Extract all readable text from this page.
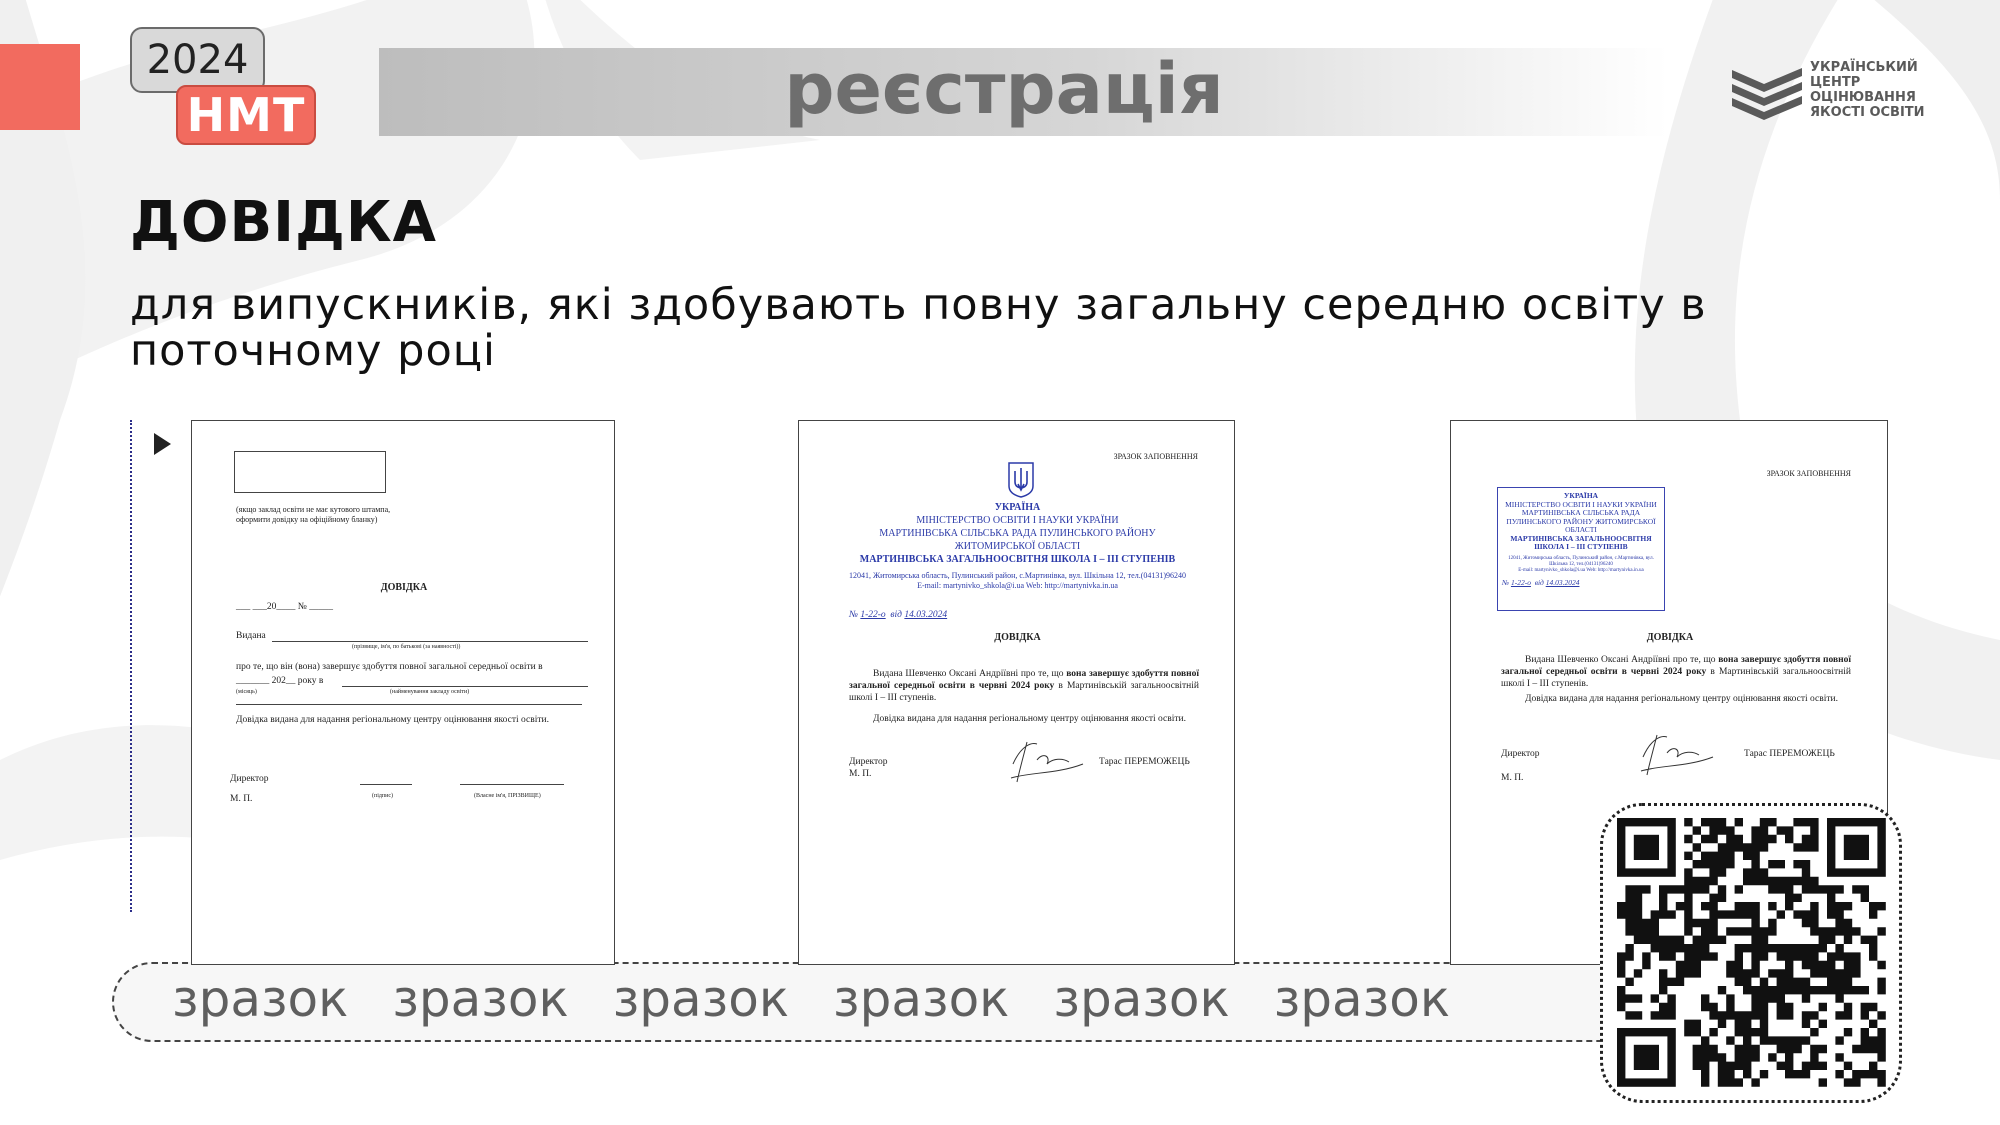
2024
НМТ	реєстрація	УКРАЇНСЬКИЙ
ЦЕНТР
ОЦІНЮВАННЯ
ЯКОСТІ ОСВІТИ
ДОВІДКА
для випускників, які здобувають повну загальну середню освіту в поточному році
(якщо заклад освіти не має кутового штампа, оформити довідку на офіційному бланку)
ДОВІДКА
___ ___20____ № _____
Видана
(прізвище, ім'я, по батькові (за наявності))
про те, що він (вона) завершує здобуття повної загальної середньої освіти в
_______ 202__ року в
(місяць)	(найменування закладу освіти)
Довідка видана для надання регіональному центру оцінювання якості освіти.
Директор
М. П.	(підпис)	(Власне ім'я, ПРІЗВИЩЕ)
ЗРАЗОК ЗАПОВНЕННЯ
УКРАЇНА
МІНІСТЕРСТВО ОСВІТИ І НАУКИ УКРАЇНИ
МАРТИНІВСЬКА СІЛЬСЬКА РАДА ПУЛИНСЬКОГО РАЙОНУ
ЖИТОМИРСЬКОЇ ОБЛАСТІ
МАРТИНІВСЬКА ЗАГАЛЬНООСВІТНЯ ШКОЛА І – ІІІ СТУПЕНІВ
12041, Житомирська область, Пулинський район, с.Мартинівка, вул. Шкільна 12, тел.(04131)96240
E-mail: martynivko_shkola@i.ua Web: http://martynivka.in.ua
№ 1-22-о від 14.03.2024
ДОВІДКА
Видана Шевченко Оксані Андріївні про те, що вона завершує здобуття повної загальної середньої освіти в червні 2024 року в Мартинівській загальноосвітній школі І – ІІІ ступенів.
Довідка видана для надання регіональному центру оцінювання якості освіти.
Директор
М. П.
Тарас ПЕРЕМОЖЕЦЬ
ЗРАЗОК ЗАПОВНЕННЯ
УКРАЇНА
МІНІСТЕРСТВО ОСВІТИ І НАУКИ УКРАЇНИ
МАРТИНІВСЬКА СІЛЬСЬКА РАДА
ПУЛИНСЬКОГО РАЙОНУ ЖИТОМИРСЬКОЇ
ОБЛАСТІ
МАРТИНІВСЬКА ЗАГАЛЬНООСВІТНЯ
ШКОЛА І – ІІІ СТУПЕНІВ
12041, Житомирська область, Пулинський район, с.Мартинівка, вул. Шкільна 12, тел.(04131)96240
E-mail: martynivko_shkola@i.ua Web: http://martynivka.in.ua
№ 1-22-о від 14.03.2024
ДОВІДКА
Видана Шевченко Оксані Андріївні про те, що вона завершує здобуття повної загальної середньої освіти в червні 2024 року в Мартинівській загальноосвітній школі І – ІІІ ступенів.
Довідка видана для надання регіональному центру оцінювання якості освіти.
Директор
М. П.
Тарас ПЕРЕМОЖЕЦЬ
зразок зразок зразок зразок зразок зразок
